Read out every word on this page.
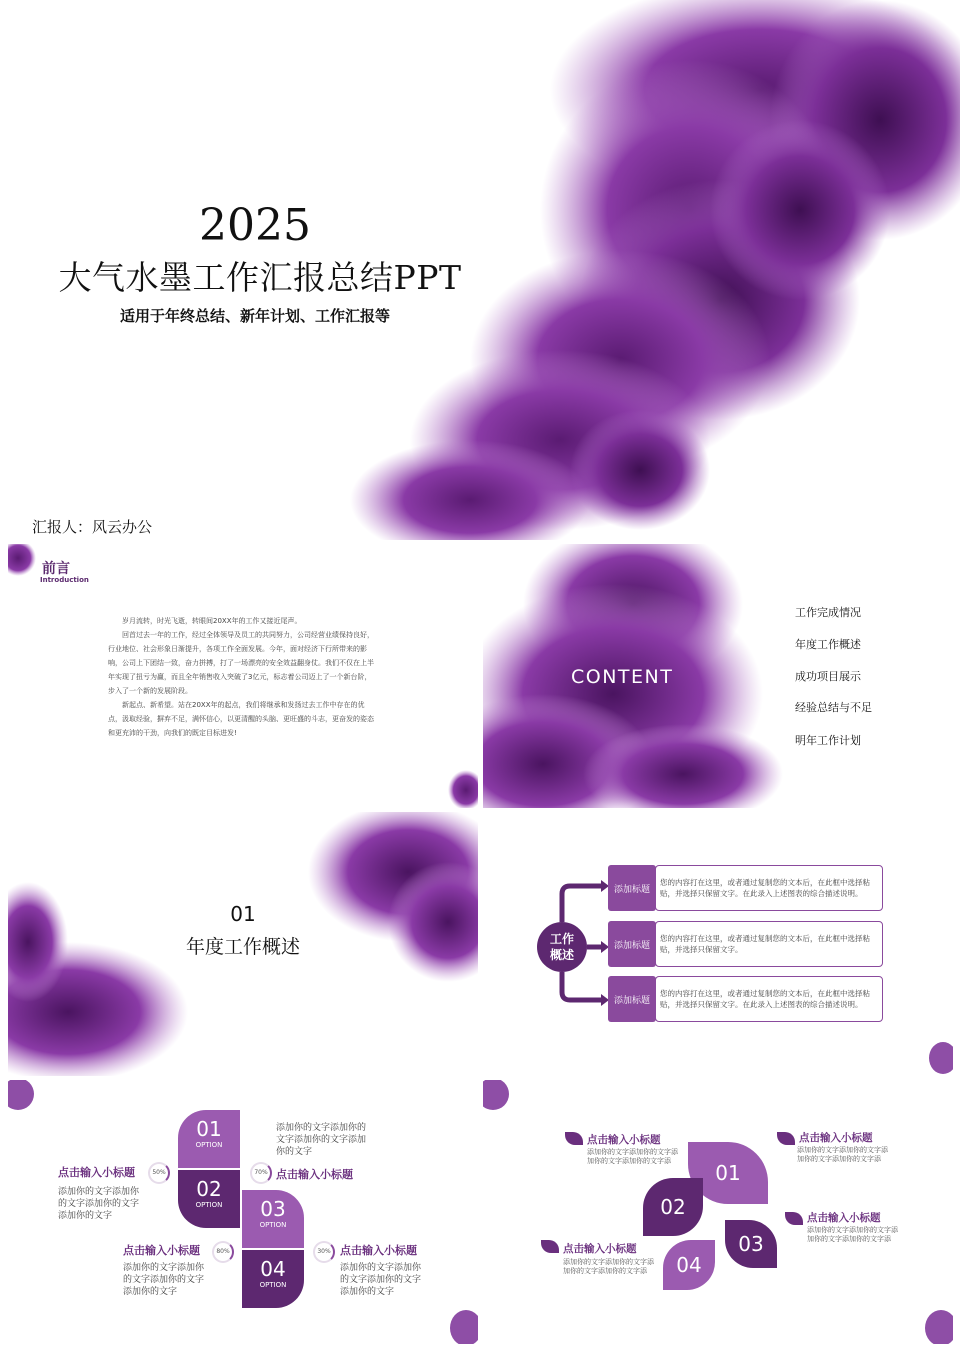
2025
大气水墨工作汇报总结PPT
适用于年终总结、新年计划、工作汇报等
汇报人：风云办公
前言
Introduction

岁月流转，时光飞逝，转眼间20XX年的工作又接近尾声。

回首过去一年的工作，经过全体领导及员工的共同努力，公司经营业绩保持良好，行业地位、社会形象日渐提升，各项工作全面发展。今年，面对经济下行所带来的影响，公司上下团结一致，奋力拼搏，打了一场漂亮的安全效益翻身仗。我们不仅在上半年实现了扭亏为赢，而且全年销售收入突破了3亿元，标志着公司迈上了一个新台阶，步入了一个新的发展阶段。

新起点、新希望。站在20XX年的起点，我们将继承和发扬过去工作中存在的优点，汲取经验，摒弃不足，满怀信心，以更清醒的头脑、更旺盛的斗志，更奋发的姿态和更充沛的干劲，向我们的既定目标进发!

CONTENT
工作完成情况
年度工作概述
成功项目展示
经验总结与不足
明年工作计划
01
年度工作概述	工作
概述
添加标题
您的内容打在这里，或者通过复制您的文本后，在此框中选择粘贴，并选择只保留文字。在此录入上述图表的综合描述说明。
添加标题
您的内容打在这里，或者通过复制您的文本后，在此框中选择粘贴，并选择只保留文字。
添加标题
您的内容打在这里，或者通过复制您的文本后，在此框中选择粘贴，并选择只保留文字。在此录入上述图表的综合描述说明。
01
OPTION
02
OPTION	03
OPTION
04
OPTION
点击输入小标题	50%
添加你的文字添加你的文字添加你的文字添加你的文字
添加你的文字添加你的文字添加你的文字添加你的文字
70% 点击输入小标题
点击输入小标题	80%
添加你的文字添加你的文字添加你的文字添加你的文字
30% 点击输入小标题
添加你的文字添加你的文字添加你的文字添加你的文字
01
02
03
04
点击输入小标题
添加你的文字添加你的文字添加你的文字添加你的文字添
点击输入小标题
添加你的文字添加你的文字添加你的文字添加你的文字添
点击输入小标题
添加你的文字添加你的文字添加你的文字添加你的文字添
点击输入小标题
添加你的文字添加你的文字添加你的文字添加你的文字添
